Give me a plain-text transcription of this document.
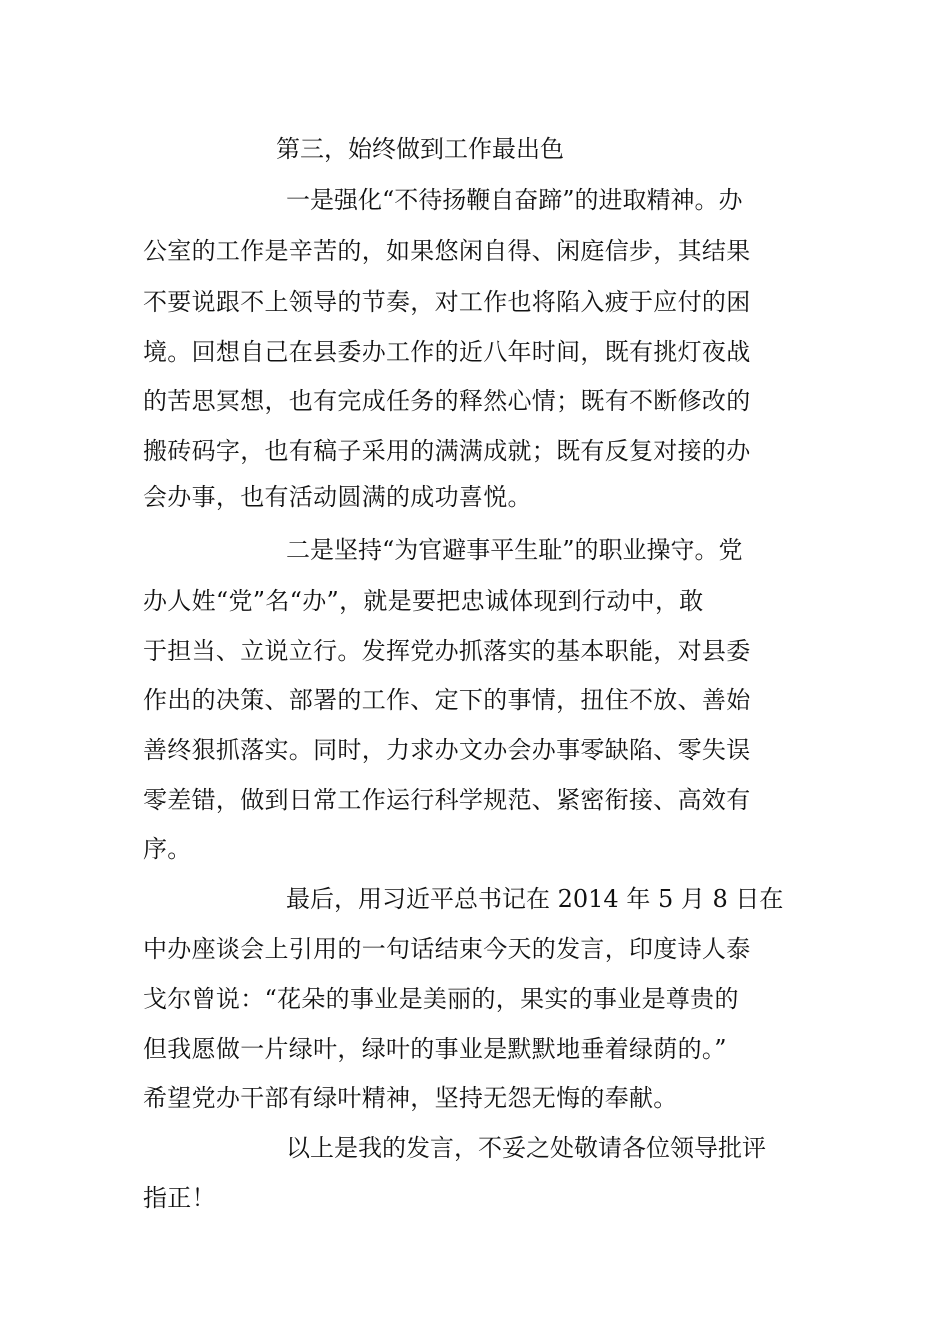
第三，始终做到工作最出色
一是强化“不待扬鞭自奋蹄”的进取精神。办
公室的工作是辛苦的，如果悠闲自得、闲庭信步，其结果
不要说跟不上领导的节奏，对工作也将陷入疲于应付的困
境。回想自己在县委办工作的近八年时间，既有挑灯夜战
的苦思冥想，也有完成任务的释然心情；既有不断修改的
搬砖码字，也有稿子采用的满满成就；既有反复对接的办
会办事，也有活动圆满的成功喜悦。
二是坚持“为官避事平生耻”的职业操守。党
办人姓“党”名“办”，就是要把忠诚体现到行动中，敢
于担当、立说立行。发挥党办抓落实的基本职能，对县委
作出的决策、部署的工作、定下的事情，扭住不放、善始
善终狠抓落实。同时，力求办文办会办事零缺陷、零失误
零差错，做到日常工作运行科学规范、紧密衔接、高效有
序。
最后，用习近平总书记在 2014 年 5 月 8 日在
中办座谈会上引用的一句话结束今天的发言，印度诗人泰
戈尔曾说：“花朵的事业是美丽的，果实的事业是尊贵的
但我愿做一片绿叶，绿叶的事业是默默地垂着绿荫的。”
希望党办干部有绿叶精神，坚持无怨无悔的奉献。
以上是我的发言，不妥之处敬请各位领导批评
指正！
